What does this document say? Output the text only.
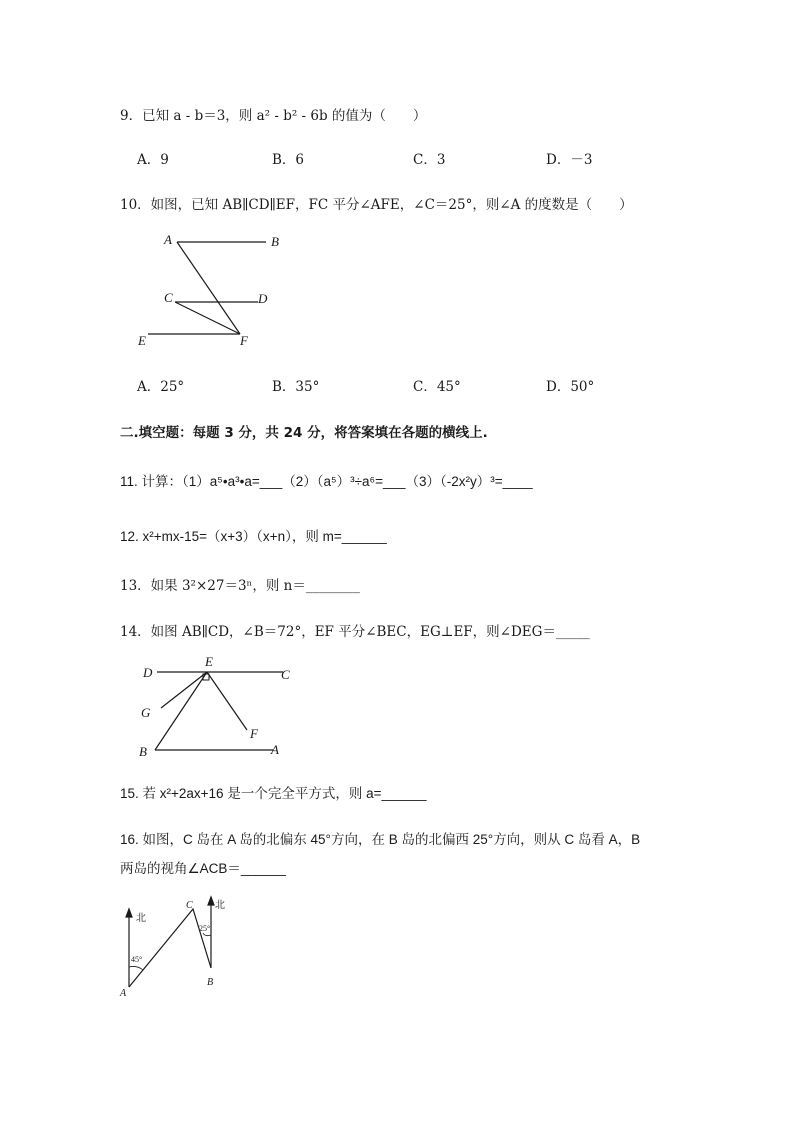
9．已知 a - b＝3，则 a² - b² - 6b 的值为（　　）
A．9	B．6	C．3	D．－3
10．如图，已知 AB∥CD∥EF，FC 平分∠AFE，∠C＝25°，则∠A 的度数是（　　）
A	B
C	D
E	F
A．25°	B．35°	C．45°	D．50°
二.填空题：每题 3 分，共 24 分，将答案填在各题的横线上.
11. 计算：（1）a⁵•a³•a=___（2）（a⁵）³÷a⁶=___（3）（-2x²y）³=____
12. x²+mx-15=（x+3）（x+n），则 m=______
13．如果 3²×27＝3ⁿ，则 n＝________
14．如图 AB∥CD，∠B＝72°，EF 平分∠BEC，EG⊥EF，则∠DEG＝_____
D
E
C
G
F
B	A
15. 若 x²+2ax+16 是一个完全平方式，则 a=______
16. 如图，C 岛在 A 岛的北偏东 45°方向，在 B 岛的北偏西 25°方向，则从 C 岛看 A，B
两岛的视角∠ACB＝______
北
北
C
A
B
45°
25°
